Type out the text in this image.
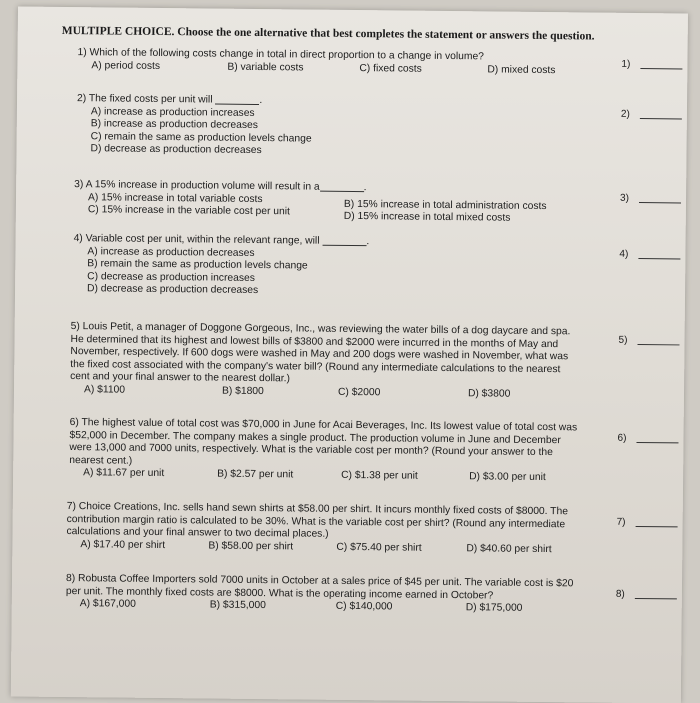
MULTIPLE CHOICE. Choose the one alternative that best completes the statement or answers the question.
1) Which of the following costs change in total in direct proportion to a change in volume?
A) period costs	B) variable costs	C) fixed costs	D) mixed costs	1)
2) The fixed costs per unit will	.
A) increase as production increases
B) increase as production decreases
C) remain the same as production levels change
D) decrease as production decreases
2)
3) A 15% increase in production volume will result in a	.
A) 15% increase in total variable costs
B) 15% increase in total administration costs
C) 15% increase in the variable cost per unit	D) 15% increase in total mixed costs
3)
4) Variable cost per unit, within the relevant range, will	.
A) increase as production decreases
B) remain the same as production levels change
C) decrease as production increases
D) decrease as production decreases
4)
5) Louis Petit, a manager of Doggone Gorgeous, Inc., was reviewing the water bills of a dog daycare and spa. He determined that its highest and lowest bills of $3800 and $2000 were incurred in the months of May and November, respectively. If 600 dogs were washed in May and 200 dogs were washed in November, what was the fixed cost associated with the company's water bill? (Round any intermediate calculations to the nearest cent and your final answer to the nearest dollar.)
A) $1100	B) $1800	C) $2000	D) $3800
5)
6) The highest value of total cost was $70,000 in June for Acai Beverages, Inc. Its lowest value of total cost was $52,000 in December. The company makes a single product. The production volume in June and December were 13,000 and 7000 units, respectively. What is the variable cost per month? (Round your answer to the nearest cent.)
A) $11.67 per unit	B) $2.57 per unit	C) $1.38 per unit	D) $3.00 per unit
6)
7) Choice Creations, Inc. sells hand sewn shirts at $58.00 per shirt. It incurs monthly fixed costs of $8000. The contribution margin ratio is calculated to be 30%. What is the variable cost per shirt? (Round any intermediate calculations and your final answer to two decimal places.)
A) $17.40 per shirt	B) $58.00 per shirt	C) $75.40 per shirt	D) $40.60 per shirt
7)
8) Robusta Coffee Importers sold 7000 units in October at a sales price of $45 per unit. The variable cost is $20 per unit. The monthly fixed costs are $8000. What is the operating income earned in October?
A) $167,000	B) $315,000	C) $140,000	D) $175,000
8)
